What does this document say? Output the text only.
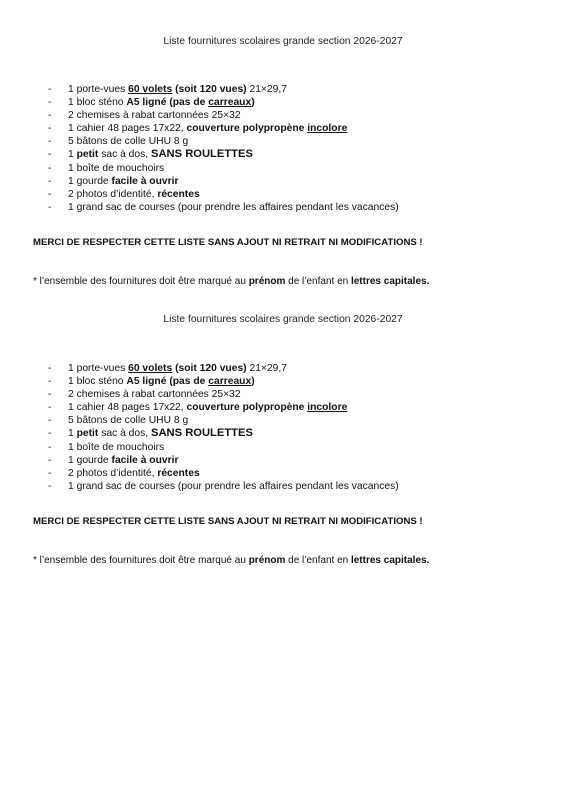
Liste fournitures scolaires grande section 2026-2027
-	1 porte-vues 60 volets (soit 120 vues) 21×29,7
-	1 bloc sténo A5 ligné (pas de carreaux)
-	2 chemises à rabat cartonnées 25×32
-	1 cahier 48 pages 17x22, couverture polypropène incolore
-	5 bâtons de colle UHU 8 g
-	1 petit sac à dos, SANS ROULETTES
-	1 boîte de mouchoirs
-	1 gourde facile à ouvrir
-	2 photos d’identité, récentes
-	1 grand sac de courses (pour prendre les affaires pendant les vacances)
MERCI DE RESPECTER CETTE LISTE SANS AJOUT NI RETRAIT NI MODIFICATIONS !
* l’ensemble des fournitures doit être marqué au prénom de l’enfant en lettres capitales.
Liste fournitures scolaires grande section 2026-2027
-	1 porte-vues 60 volets (soit 120 vues) 21×29,7
-	1 bloc sténo A5 ligné (pas de carreaux)
-	2 chemises à rabat cartonnées 25×32
-	1 cahier 48 pages 17x22, couverture polypropène incolore
-	5 bâtons de colle UHU 8 g
-	1 petit sac à dos, SANS ROULETTES
-	1 boîte de mouchoirs
-	1 gourde facile à ouvrir
-	2 photos d’identité, récentes
-	1 grand sac de courses (pour prendre les affaires pendant les vacances)
MERCI DE RESPECTER CETTE LISTE SANS AJOUT NI RETRAIT NI MODIFICATIONS !
* l’ensemble des fournitures doit être marqué au prénom de l’enfant en lettres capitales.
